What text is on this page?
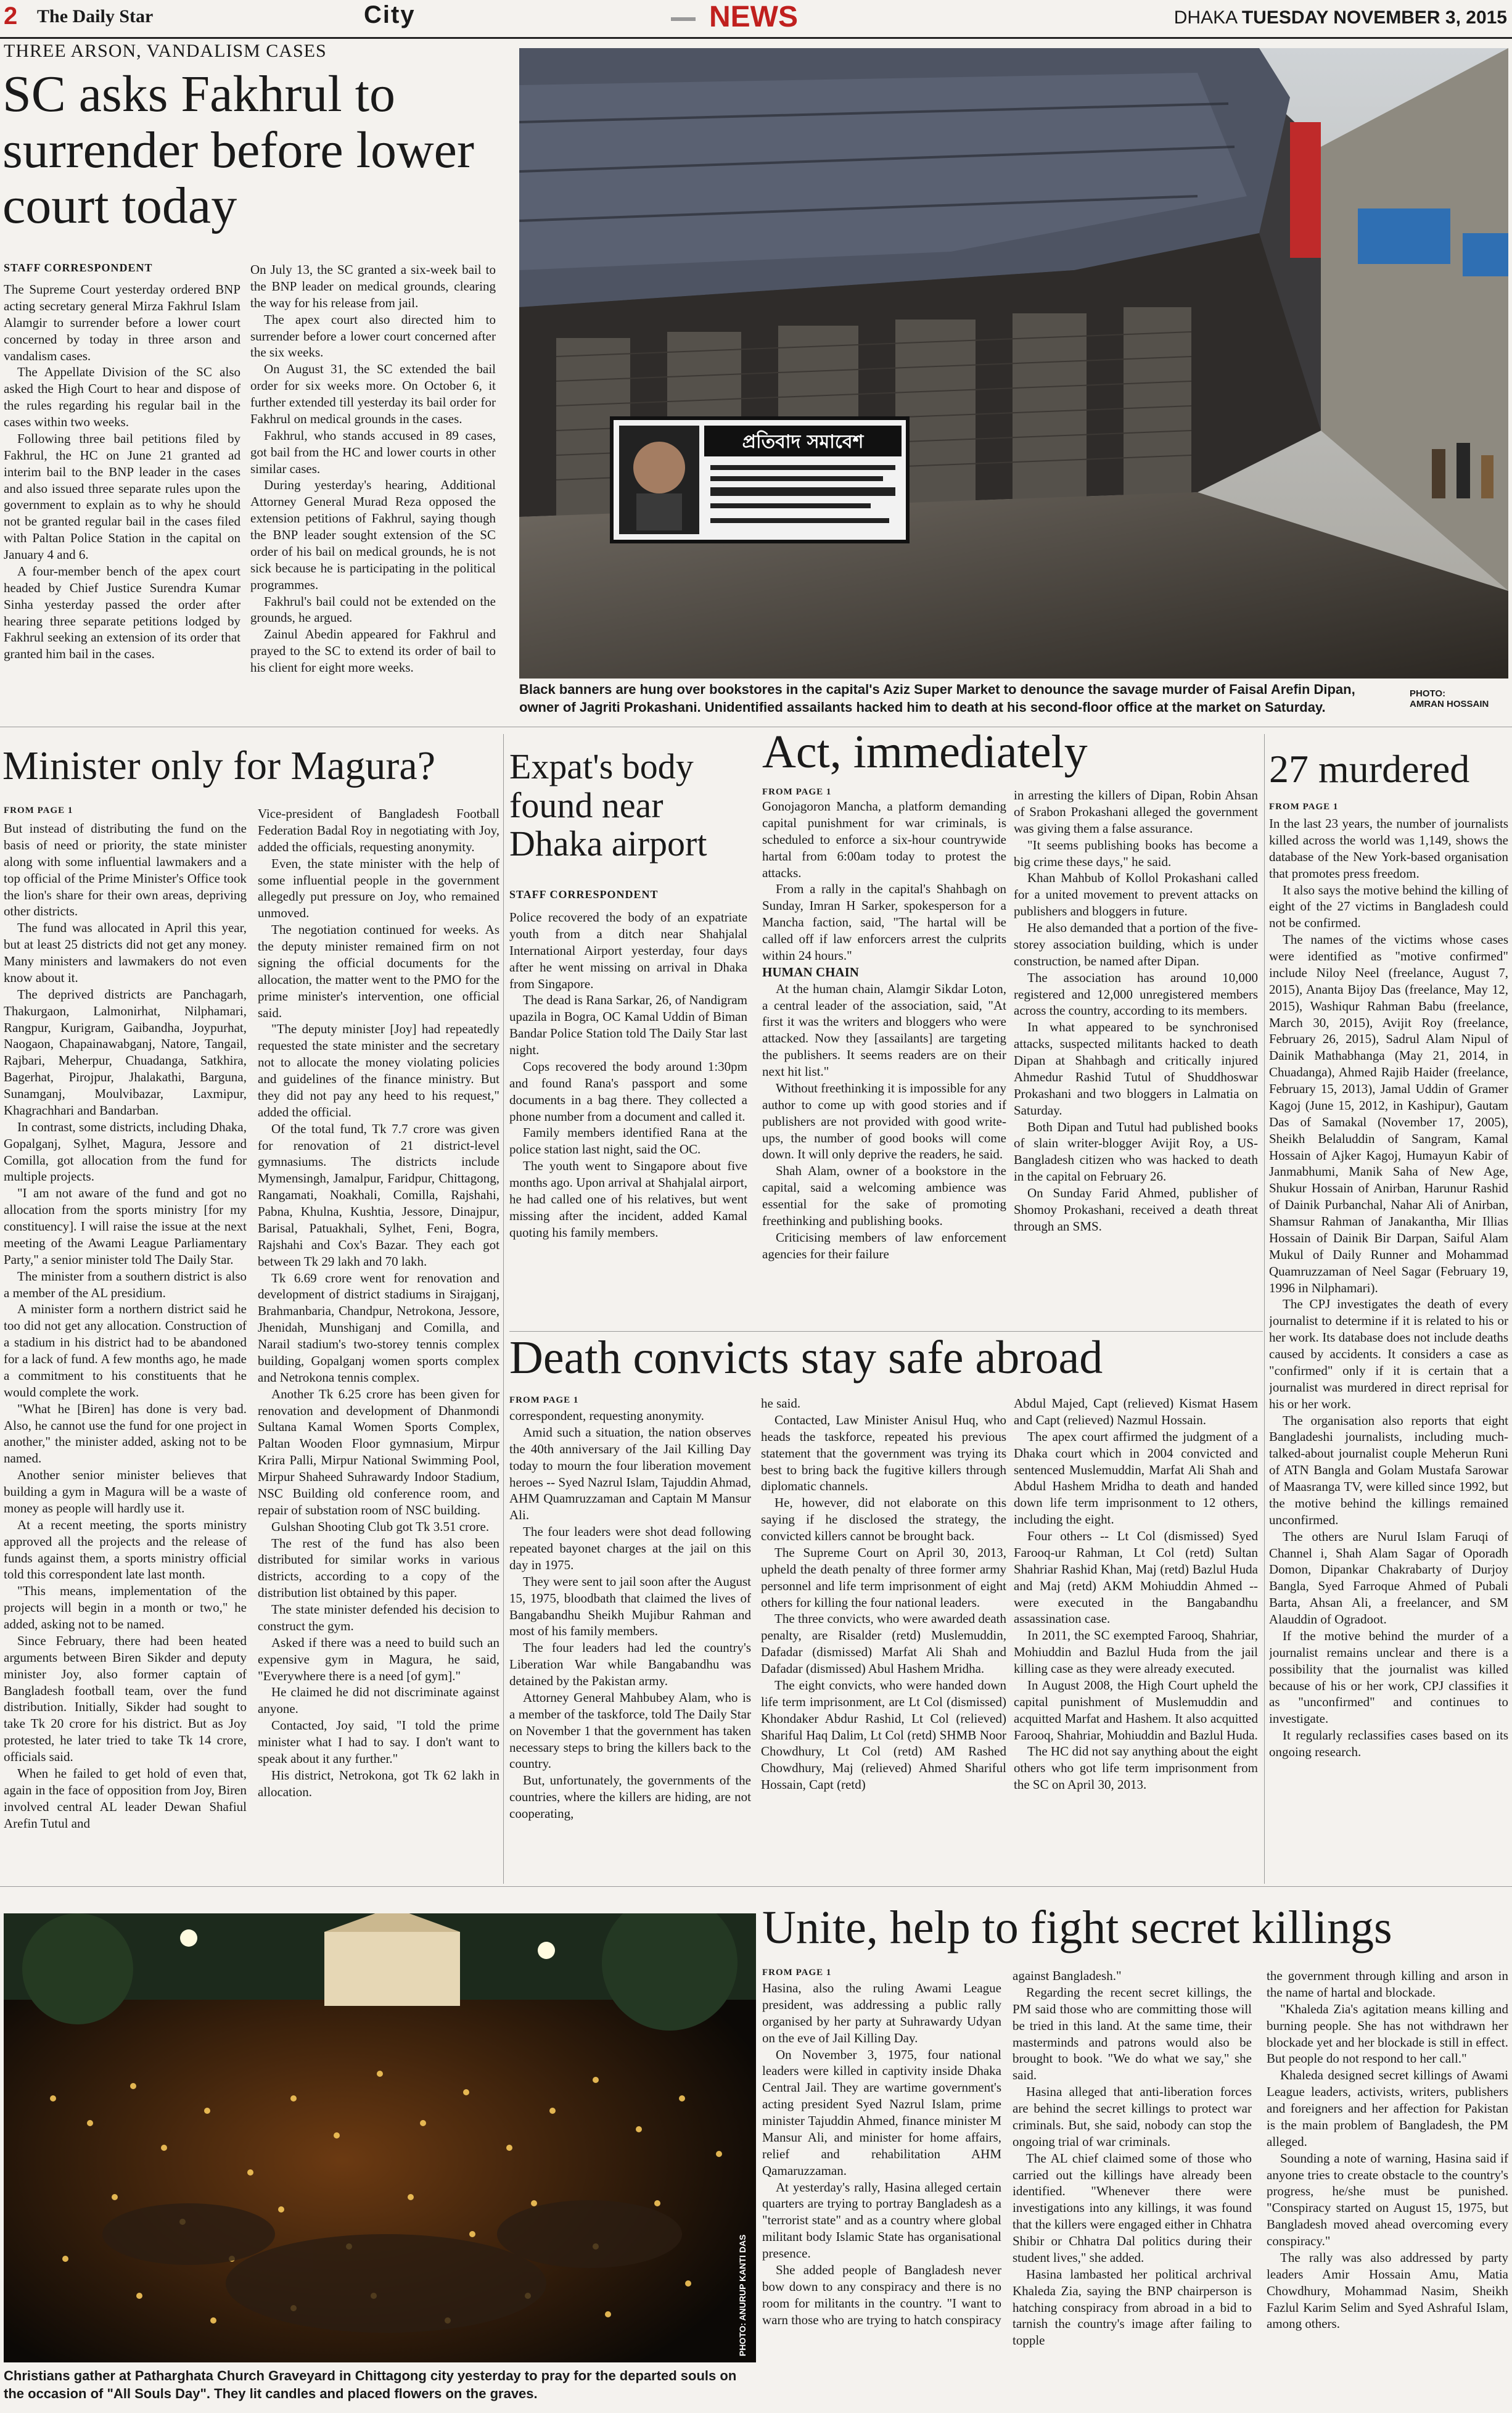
2 The Daily Star	City	NEWS	DHAKA TUESDAY NOVEMBER 3, 2015
THREE ARSON, VANDALISM CASES
SC asks Fakhrul to surrender before lower court today
STAFF CORRESPONDENT

The Supreme Court yesterday ordered BNP acting secretary general Mirza Fakhrul Islam Alamgir to surrender before a lower court concerned by today in three arson and vandalism cases.

The Appellate Division of the SC also asked the High Court to hear and dispose of the rules regarding his regular bail in the cases within two weeks.

Following three bail petitions filed by Fakhrul, the HC on June 21 granted ad interim bail to the BNP leader in the cases and also issued three separate rules upon the government to explain as to why he should not be granted regular bail in the cases filed with Paltan Police Station in the capital on January 4 and 6.

A four-member bench of the apex court headed by Chief Justice Surendra Kumar Sinha yesterday passed the order after hearing three separate petitions lodged by Fakhrul seeking an extension of its order that granted him bail in the cases.

On July 13, the SC granted a six-week bail to the BNP leader on medical grounds, clearing the way for his release from jail.

The apex court also directed him to surrender before a lower court concerned after the six weeks.

On August 31, the SC extended the bail order for six weeks more. On October 6, it further extended till yesterday its bail order for Fakhrul on medical grounds in the cases.

Fakhrul, who stands accused in 89 cases, got bail from the HC and lower courts in other similar cases.

During yesterday's hearing, Additional Attorney General Murad Reza opposed the extension petitions of Fakhrul, saying though the BNP leader sought extension of the SC order of his bail on medical grounds, he is not sick because he is participating in the political programmes.

Fakhrul's bail could not be extended on the grounds, he argued.

Zainul Abedin appeared for Fakhrul and prayed to the SC to extend its order of bail to his client for eight more weeks.

প্রতিবাদ সমাবেশ
Black banners are hung over bookstores in the capital's Aziz Super Market to denounce the savage murder of Faisal Arefin Dipan, owner of Jagriti Prokashani. Unidentified assailants hacked him to death at his second-floor office at the market on Saturday.
PHOTO:
AMRAN HOSSAIN
Minister only for Magura?
FROM PAGE 1

But instead of distributing the fund on the basis of need or priority, the state minister along with some influential lawmakers and a top official of the Prime Minister's Office took the lion's share for their own areas, depriving other districts.

The fund was allocated in April this year, but at least 25 districts did not get any money. Many ministers and lawmakers do not even know about it.

The deprived districts are Panchagarh, Thakurgaon, Lalmonirhat, Nilphamari, Rangpur, Kurigram, Gaibandha, Joypurhat, Naogaon, Chapainawabganj, Natore, Tangail, Rajbari, Meherpur, Chuadanga, Satkhira, Bagerhat, Pirojpur, Jhalakathi, Barguna, Sunamganj, Moulvibazar, Laxmipur, Khagrachhari and Bandarban.

In contrast, some districts, including Dhaka, Gopalganj, Sylhet, Magura, Jessore and Comilla, got allocation from the fund for multiple projects.

"I am not aware of the fund and got no allocation from the sports ministry [for my constituency]. I will raise the issue at the next meeting of the Awami League Parliamentary Party," a senior minister told The Daily Star.

The minister from a southern district is also a member of the AL presidium.

A minister form a northern district said he too did not get any allocation. Construction of a stadium in his district had to be abandoned for a lack of fund. A few months ago, he made a commitment to his constituents that he would complete the work.

"What he [Biren] has done is very bad. Also, he cannot use the fund for one project in another," the minister added, asking not to be named.

Another senior minister believes that building a gym in Magura will be a waste of money as people will hardly use it.

At a recent meeting, the sports ministry approved all the projects and the release of funds against them, a sports ministry official told this correspondent late last month.

"This means, implementation of the projects will begin in a month or two," he added, asking not to be named.

Since February, there had been heated arguments between Biren Sikder and deputy minister Joy, also former captain of Bangladesh football team, over the fund distribution. Initially, Sikder had sought to take Tk 20 crore for his district. But as Joy protested, he later tried to take Tk 14 crore, officials said.

When he failed to get hold of even that, again in the face of opposition from Joy, Biren involved central AL leader Dewan Shafiul Arefin Tutul and

Vice-president of Bangladesh Football Federation Badal Roy in negotiating with Joy, added the officials, requesting anonymity.

Even, the state minister with the help of some influential people in the government allegedly put pressure on Joy, who remained unmoved.

The negotiation continued for weeks. As the deputy minister remained firm on not signing the official documents for the allocation, the matter went to the PMO for the prime minister's intervention, one official said.

"The deputy minister [Joy] had repeatedly requested the state minister and the secretary not to allocate the money violating policies and guidelines of the finance ministry. But they did not pay any heed to his request," added the official.

Of the total fund, Tk 7.7 crore was given for renovation of 21 district-level gymnasiums. The districts include Mymensingh, Jamalpur, Faridpur, Chittagong, Rangamati, Noakhali, Comilla, Rajshahi, Pabna, Khulna, Kushtia, Jessore, Dinajpur, Barisal, Patuakhali, Sylhet, Feni, Bogra, Rajshahi and Cox's Bazar. They each got between Tk 29 lakh and 70 lakh.

Tk 6.69 crore went for renovation and development of district stadiums in Sirajganj, Brahmanbaria, Chandpur, Netrokona, Jessore, Jhenidah, Munshiganj and Comilla, and Narail stadium's two-storey tennis complex building, Gopalganj women sports complex and Netrokona tennis complex.

Another Tk 6.25 crore has been given for renovation and development of Dhanmondi Sultana Kamal Women Sports Complex, Paltan Wooden Floor gymnasium, Mirpur Krira Palli, Mirpur National Swimming Pool, Mirpur Shaheed Suhrawardy Indoor Stadium, NSC Building old conference room, and repair of substation room of NSC building.

Gulshan Shooting Club got Tk 3.51 crore.

The rest of the fund has also been distributed for similar works in various districts, according to a copy of the distribution list obtained by this paper.

The state minister defended his decision to construct the gym.

Asked if there was a need to build such an expensive gym in Magura, he said, "Everywhere there is a need [of gym]."

He claimed he did not discriminate against anyone.

Contacted, Joy said, "I told the prime minister what I had to say. I don't want to speak about it any further."

His district, Netrokona, got Tk 62 lakh in allocation.

Expat's body found near Dhaka airport
STAFF CORRESPONDENT

Police recovered the body of an expatriate youth from a ditch near Shahjalal International Airport yesterday, four days after he went missing on arrival in Dhaka from Singapore.

The dead is Rana Sarkar, 26, of Nandigram upazila in Bogra, OC Kamal Uddin of Biman Bandar Police Station told The Daily Star last night.

Cops recovered the body around 1:30pm and found Rana's passport and some documents in a bag there. They collected a phone number from a document and called it.

Family members identified Rana at the police station last night, said the OC.

The youth went to Singapore about five months ago. Upon arrival at Shahjalal airport, he had called one of his relatives, but went missing after the incident, added Kamal quoting his family members.

Act, immediately
FROM PAGE 1

Gonojagoron Mancha, a platform demanding capital punishment for war criminals, is scheduled to enforce a six-hour countrywide hartal from 6:00am today to protest the attacks.

From a rally in the capital's Shahbagh on Sunday, Imran H Sarker, spokesperson for a Mancha faction, said, "The hartal will be called off if law enforcers arrest the culprits within 24 hours."

HUMAN CHAIN

At the human chain, Alamgir Sikdar Loton, a central leader of the association, said, "At first it was the writers and bloggers who were attacked. Now they [assailants] are targeting the publishers. It seems readers are on their next hit list."

Without freethinking it is impossible for any author to come up with good stories and if publishers are not provided with good write-ups, the number of good books will come down. It will only deprive the readers, he said.

Shah Alam, owner of a bookstore in the capital, said a welcoming ambience was essential for the sake of promoting freethinking and publishing books.

Criticising members of law enforcement agencies for their failure

in arresting the killers of Dipan, Robin Ahsan of Srabon Prokashani alleged the government was giving them a false assurance.

"It seems publishing books has become a big crime these days," he said.

Khan Mahbub of Kollol Prokashani called for a united movement to prevent attacks on publishers and bloggers in future.

He also demanded that a portion of the five-storey association building, which is under construction, be named after Dipan.

The association has around 10,000 registered and 12,000 unregistered members across the country, according to its members.

In what appeared to be synchronised attacks, suspected militants hacked to death Dipan at Shahbagh and critically injured Ahmedur Rashid Tutul of Shuddhoswar Prokashani and two bloggers in Lalmatia on Saturday.

Both Dipan and Tutul had published books of slain writer-blogger Avijit Roy, a US-Bangladesh citizen who was hacked to death in the capital on February 26.

On Sunday Farid Ahmed, publisher of Shomoy Prokashani, received a death threat through an SMS.

27 murdered
FROM PAGE 1

In the last 23 years, the number of journalists killed across the world was 1,149, shows the database of the New York-based organisation that promotes press freedom.

It also says the motive behind the killing of eight of the 27 victims in Bangladesh could not be confirmed.

The names of the victims whose cases were identified as "motive confirmed" include Niloy Neel (freelance, August 7, 2015), Ananta Bijoy Das (freelance, May 12, 2015), Washiqur Rahman Babu (freelance, March 30, 2015), Avijit Roy (freelance, February 26, 2015), Sadrul Alam Nipul of Dainik Mathabhanga (May 21, 2014, in Chuadanga), Ahmed Rajib Haider (freelance, February 15, 2013), Jamal Uddin of Gramer Kagoj (June 15, 2012, in Kashipur), Gautam Das of Samakal (November 17, 2005), Sheikh Belaluddin of Sangram, Kamal Hossain of Ajker Kagoj, Humayun Kabir of Janmabhumi, Manik Saha of New Age, Shukur Hossain of Anirban, Harunur Rashid of Dainik Purbanchal, Nahar Ali of Anirban, Shamsur Rahman of Janakantha, Mir Illias Hossain of Dainik Bir Darpan, Saiful Alam Mukul of Daily Runner and Mohammad Quamruzzaman of Neel Sagar (February 19, 1996 in Nilphamari).

The CPJ investigates the death of every journalist to determine if it is related to his or her work. Its database does not include deaths caused by accidents. It considers a case as "confirmed" only if it is certain that a journalist was murdered in direct reprisal for his or her work.

The organisation also reports that eight Bangladeshi journalists, including much-talked-about journalist couple Meherun Runi of ATN Bangla and Golam Mustafa Sarowar of Maasranga TV, were killed since 1992, but the motive behind the killings remained unconfirmed.

The others are Nurul Islam Faruqi of Channel i, Shah Alam Sagar of Oporadh Domon, Dipankar Chakrabarty of Durjoy Bangla, Syed Farroque Ahmed of Pubali Barta, Ahsan Ali, a freelancer, and SM Alauddin of Ogradoot.

If the motive behind the murder of a journalist remains unclear and there is a possibility that the journalist was killed because of his or her work, CPJ classifies it as "unconfirmed" and continues to investigate.

It regularly reclassifies cases based on its ongoing research.

Death convicts stay safe abroad
FROM PAGE 1

correspondent, requesting anonymity.

Amid such a situation, the nation observes the 40th anniversary of the Jail Killing Day today to mourn the four liberation movement heroes -- Syed Nazrul Islam, Tajuddin Ahmad, AHM Quamruzzaman and Captain M Mansur Ali.

The four leaders were shot dead following repeated bayonet charges at the jail on this day in 1975.

They were sent to jail soon after the August 15, 1975, bloodbath that claimed the lives of Bangabandhu Sheikh Mujibur Rahman and most of his family members.

The four leaders had led the country's Liberation War while Bangabandhu was detained by the Pakistan army.

Attorney General Mahbubey Alam, who is a member of the taskforce, told The Daily Star on November 1 that the government has taken necessary steps to bring the killers back to the country.

But, unfortunately, the governments of the countries, where the killers are hiding, are not cooperating,

he said.

Contacted, Law Minister Anisul Huq, who heads the taskforce, repeated his previous statement that the government was trying its best to bring back the fugitive killers through diplomatic channels.

He, however, did not elaborate on this saying if he disclosed the strategy, the convicted killers cannot be brought back.

The Supreme Court on April 30, 2013, upheld the death penalty of three former army personnel and life term imprisonment of eight others for killing the four national leaders.

The three convicts, who were awarded death penalty, are Risalder (retd) Muslemuddin, Dafadar (dismissed) Marfat Ali Shah and Dafadar (dismissed) Abul Hashem Mridha.

The eight convicts, who were handed down life term imprisonment, are Lt Col (dismissed) Khondaker Abdur Rashid, Lt Col (relieved) Shariful Haq Dalim, Lt Col (retd) SHMB Noor Chowdhury, Lt Col (retd) AM Rashed Chowdhury, Maj (relieved) Ahmed Shariful Hossain, Capt (retd)

Abdul Majed, Capt (relieved) Kismat Hasem and Capt (relieved) Nazmul Hossain.

The apex court affirmed the judgment of a Dhaka court which in 2004 convicted and sentenced Muslemuddin, Marfat Ali Shah and Abdul Hashem Mridha to death and handed down life term imprisonment to 12 others, including the eight.

Four others -- Lt Col (dismissed) Syed Farooq-ur Rahman, Lt Col (retd) Sultan Shahriar Rashid Khan, Maj (retd) Bazlul Huda and Maj (retd) AKM Mohiuddin Ahmed -- were executed in the Bangabandhu assassination case.

In 2011, the SC exempted Farooq, Shahriar, Mohiuddin and Bazlul Huda from the jail killing case as they were already executed.

In August 2008, the High Court upheld the capital punishment of Muslemuddin and acquitted Marfat and Hashem. It also acquitted Farooq, Shahriar, Mohiuddin and Bazlul Huda.

The HC did not say anything about the eight others who got life term imprisonment from the SC on April 30, 2013.

PHOTO: ANURUP KANTI DAS
Christians gather at Patharghata Church Graveyard in Chittagong city yesterday to pray for the departed souls on the occasion of "All Souls Day". They lit candles and placed flowers on the graves.
Unite, help to fight secret killings
FROM PAGE 1

Hasina, also the ruling Awami League president, was addressing a public rally organised by her party at Suhrawardy Udyan on the eve of Jail Killing Day.

On November 3, 1975, four national leaders were killed in captivity inside Dhaka Central Jail. They are wartime government's acting president Syed Nazrul Islam, prime minister Tajuddin Ahmed, finance minister M Mansur Ali, and minister for home affairs, relief and rehabilitation AHM Qamaruzzaman.

At yesterday's rally, Hasina alleged certain quarters are trying to portray Bangladesh as a "terrorist state" and as a country where global militant body Islamic State has organisational presence.

She added people of Bangladesh never bow down to any conspiracy and there is no room for militants in the country. "I want to warn those who are trying to hatch conspiracy

against Bangladesh."

Regarding the recent secret killings, the PM said those who are committing those will be tried in this land. At the same time, their masterminds and patrons would also be brought to book. "We do what we say," she said.

Hasina alleged that anti-liberation forces are behind the secret killings to protect war criminals. But, she said, nobody can stop the ongoing trial of war criminals.

The AL chief claimed some of those who carried out the killings have already been identified. "Whenever there were investigations into any killings, it was found that the killers were engaged either in Chhatra Shibir or Chhatra Dal politics during their student lives," she added.

Hasina lambasted her political archrival Khaleda Zia, saying the BNP chairperson is hatching conspiracy from abroad in a bid to tarnish the country's image after failing to topple

the government through killing and arson in the name of hartal and blockade.

"Khaleda Zia's agitation means killing and burning people. She has not withdrawn her blockade yet and her blockade is still in effect. But people do not respond to her call."

Khaleda designed secret killings of Awami League leaders, activists, writers, publishers and foreigners and her affection for Pakistan is the main problem of Bangladesh, the PM alleged.

Sounding a note of warning, Hasina said if anyone tries to create obstacle to the country's progress, he/she must be punished. "Conspiracy started on August 15, 1975, but Bangladesh moved ahead overcoming every conspiracy."

The rally was also addressed by party leaders Amir Hossain Amu, Matia Chowdhury, Mohammad Nasim, Sheikh Fazlul Karim Selim and Syed Ashraful Islam, among others.
